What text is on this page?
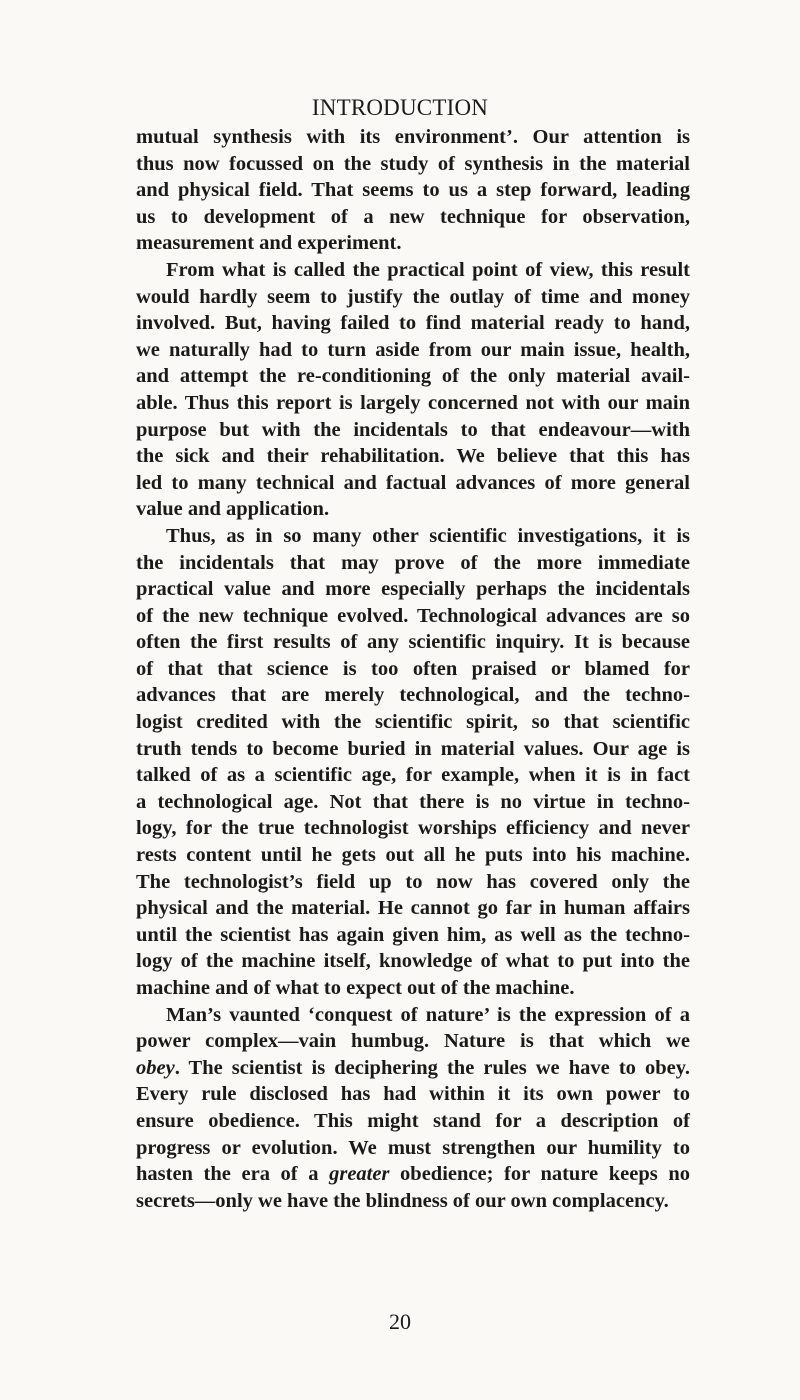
INTRODUCTION
mutual synthesis with its environment’. Our attention is
thus now focussed on the study of synthesis in the material
and physical field. That seems to us a step forward, leading
us to development of a new technique for observation,
measurement and experiment.
From what is called the practical point of view, this result
would hardly seem to justify the outlay of time and money
involved. But, having failed to find material ready to hand,
we naturally had to turn aside from our main issue, health,
and attempt the re-conditioning of the only material avail-
able. Thus this report is largely concerned not with our main
purpose but with the incidentals to that endeavour—with
the sick and their rehabilitation. We believe that this has
led to many technical and factual advances of more general
value and application.
Thus, as in so many other scientific investigations, it is
the incidentals that may prove of the more immediate
practical value and more especially perhaps the incidentals
of the new technique evolved. Technological advances are so
often the first results of any scientific inquiry. It is because
of that that science is too often praised or blamed for
advances that are merely technological, and the techno-
logist credited with the scientific spirit, so that scientific
truth tends to become buried in material values. Our age is
talked of as a scientific age, for example, when it is in fact
a technological age. Not that there is no virtue in techno-
logy, for the true technologist worships efficiency and never
rests content until he gets out all he puts into his machine.
The technologist’s field up to now has covered only the
physical and the material. He cannot go far in human affairs
until the scientist has again given him, as well as the techno-
logy of the machine itself, knowledge of what to put into the
machine and of what to expect out of the machine.
Man’s vaunted ‘conquest of nature’ is the expression of a
power complex—vain humbug. Nature is that which we
obey. The scientist is deciphering the rules we have to obey.
Every rule disclosed has had within it its own power to
ensure obedience. This might stand for a description of
progress or evolution. We must strengthen our humility to
hasten the era of a greater obedience; for nature keeps no
secrets—only we have the blindness of our own complacency.
20
